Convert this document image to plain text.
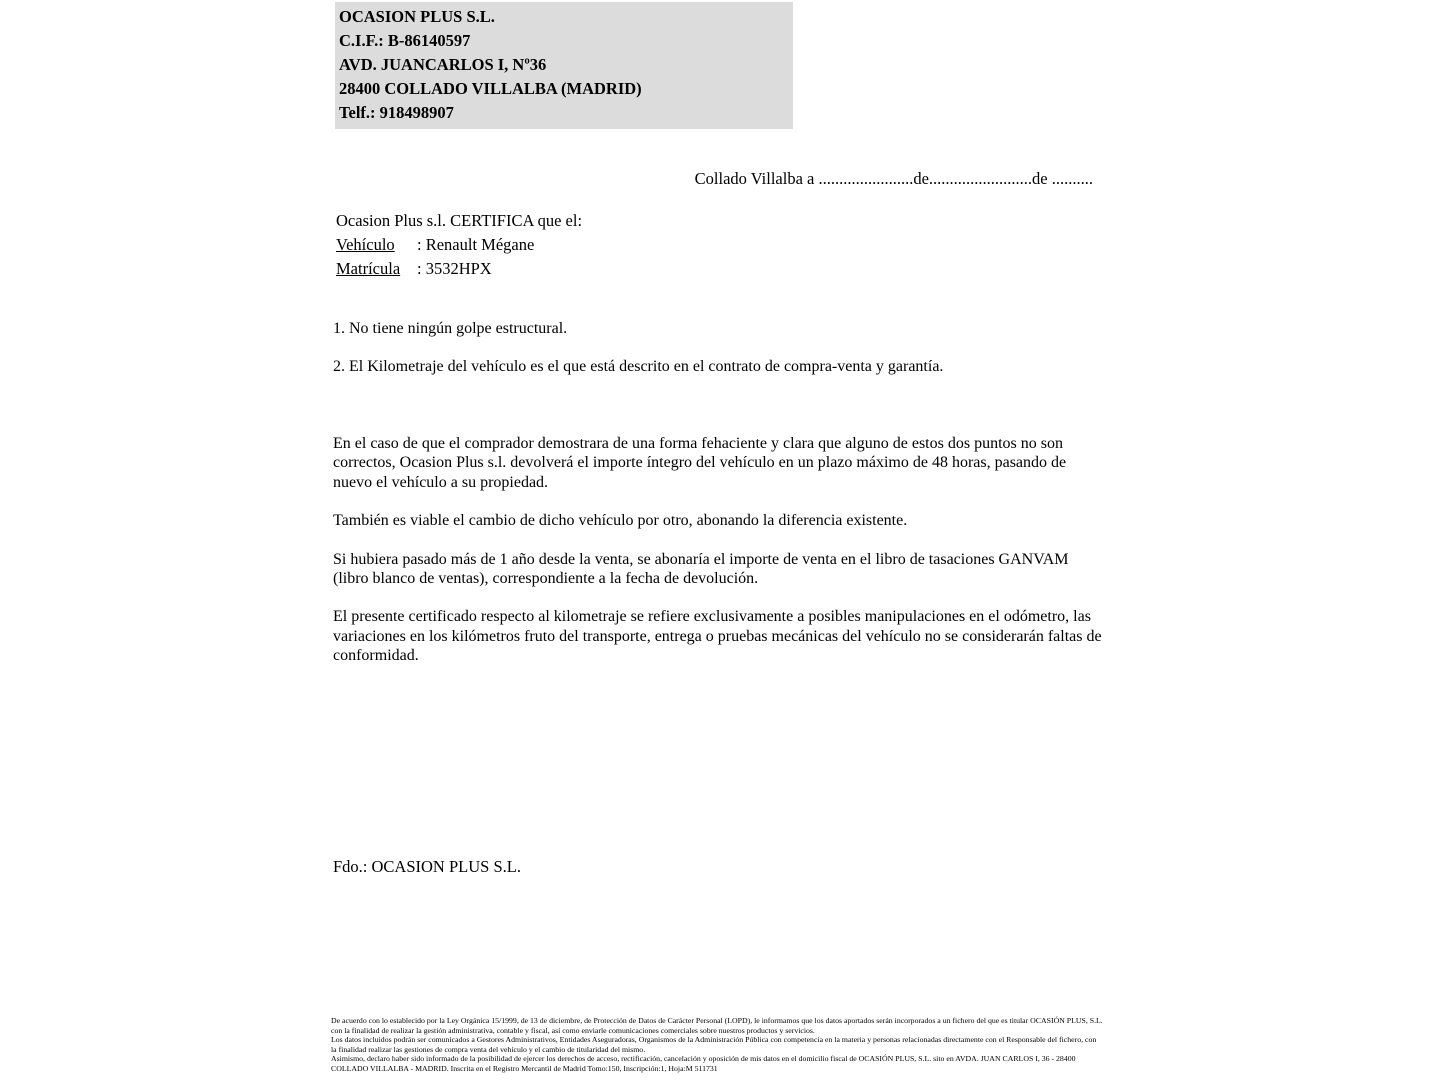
OCASION PLUS S.L.
C.I.F.: B-86140597
AVD. JUANCARLOS I, Nº36
28400 COLLADO VILLALBA (MADRID)
Telf.: 918498907
Collado Villalba a .......................de.........................de ..........
Ocasion Plus s.l. CERTIFICA que el:
Vehículo : Renault Mégane
Matrícula : 3532HPX

1. No tiene ningún golpe estructural.

2. El Kilometraje del vehículo es el que está descrito en el contrato de compra-venta y garantía.

En el caso de que el comprador demostrara de una forma fehaciente y clara que alguno de estos dos puntos no son correctos, Ocasion Plus s.l. devolverá el importe íntegro del vehículo en un plazo máximo de 48 horas, pasando de nuevo el vehículo a su propiedad.

También es viable el cambio de dicho vehículo por otro, abonando la diferencia existente.

Si hubiera pasado más de 1 año desde la venta, se abonaría el importe de venta en el libro de tasaciones GANVAM (libro blanco de ventas), correspondiente a la fecha de devolución.

El presente certificado respecto al kilometraje se refiere exclusivamente a posibles manipulaciones en el odómetro, las variaciones en los kilómetros fruto del transporte, entrega o pruebas mecánicas del vehículo no se considerarán faltas de conformidad.

Fdo.: OCASION PLUS S.L.

De acuerdo con lo establecido por la Ley Orgánica 15/1999, de 13 de diciembre, de Protección de Datos de Carácter Personal (LOPD), le informamos que los datos aportados serán incorporados a un fichero del que es titular OCASIÓN PLUS, S.L. con la finalidad de realizar la gestión administrativa, contable y fiscal, así como enviarle comunicaciones comerciales sobre nuestros productos y servicios.

Los datos incluidos podrán ser comunicados a Gestores Administrativos, Entidades Aseguradoras, Organismos de la Administración Pública con competencia en la materia y personas relacionadas directamente con el Responsable del fichero, con la finalidad realizar las gestiones de compra venta del vehículo y el cambio de titularidad del mismo.

Asimismo, declaro haber sido informado de la posibilidad de ejercer los derechos de acceso, rectificación, cancelación y oposición de mis datos en el domicilio fiscal de OCASIÓN PLUS, S.L. sito en AVDA. JUAN CARLOS I, 36 - 28400 COLLADO VILLALBA - MADRID. Inscrita en el Registro Mercantil de Madrid Tomo:150, Inscripción:1, Hoja:M 511731
